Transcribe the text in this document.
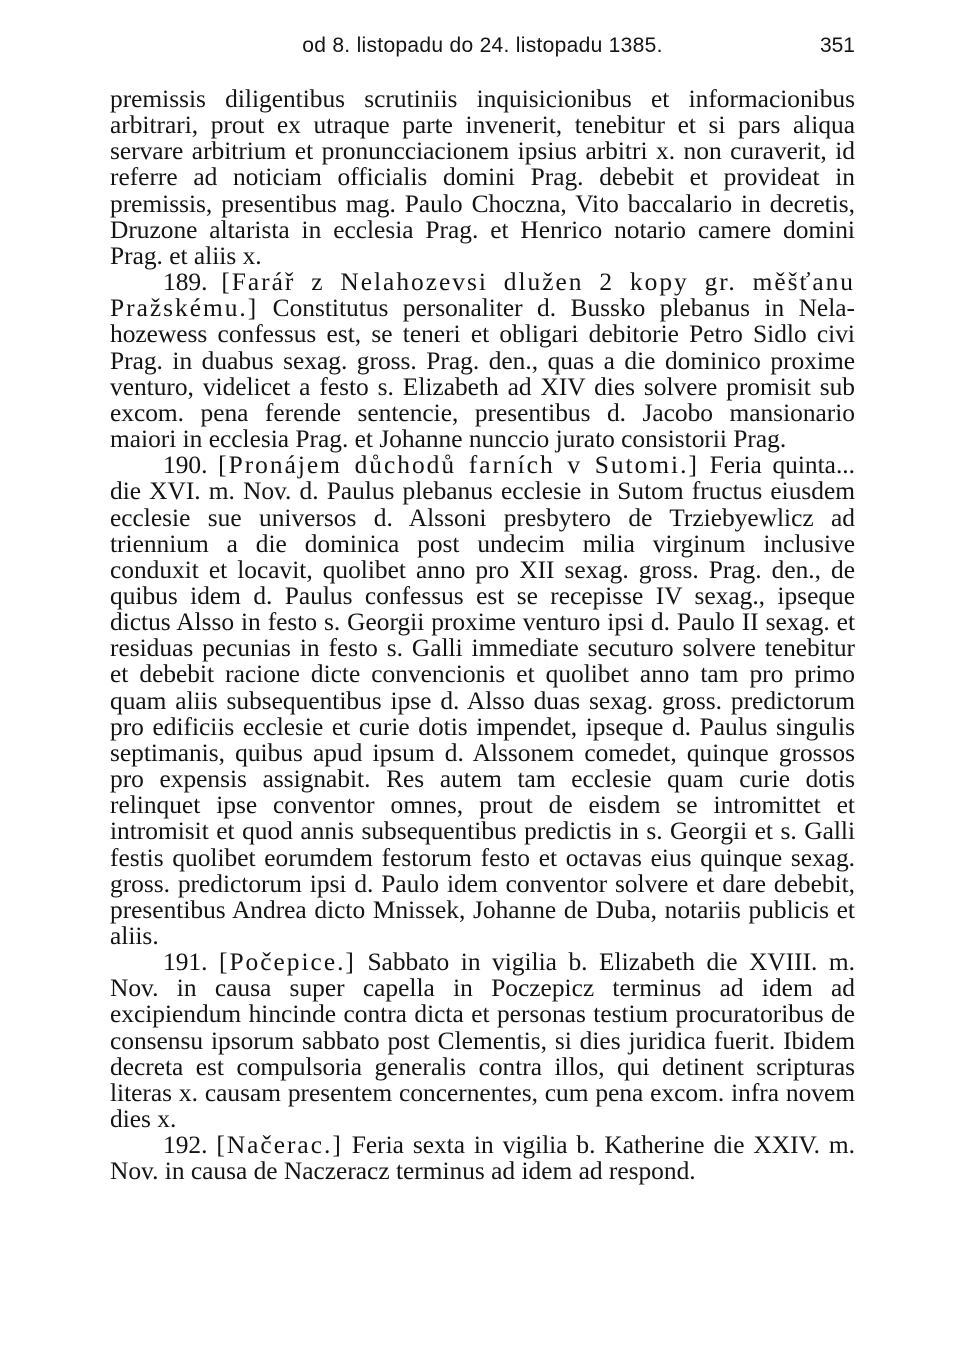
od 8. listopadu do 24. listopadu 1385.	351

premissis diligentibus scrutiniis inquisicionibus et informacionibus arbitrari, prout ex utraque parte invenerit, tenebitur et si pars aliqua servare arbitrium et pronuncciacionem ipsius arbitri x. non curaverit, id referre ad noticiam officialis domini Prag. debebit et provideat in premissis, presentibus mag. Paulo Choczna, Vito baccalario in decretis, Druzone altarista in ecclesia Prag. et Henrico notario camere domini Prag. et aliis x.

189. [Farář z Nelahozevsi dlužen 2 kopy gr. měšťanu Pražskému.] Constitutus personaliter d. Bussko plebanus in Nelahozewess confessus est, se teneri et obligari debitorie Petro Sidlo civi Prag. in duabus sexag. gross. Prag. den., quas a die dominico proxime venturo, videlicet a festo s. Elizabeth ad XIV dies solvere promisit sub excom. pena ferende sentencie, presentibus d. Jacobo mansionario maiori in ecclesia Prag. et Johanne nunccio jurato consistorii Prag.

190. [Pronájem důchodů farních v Sutomi.] Feria quinta... die XVI. m. Nov. d. Paulus plebanus ecclesie in Sutom fructus eiusdem ecclesie sue universos d. Alssoni presbytero de Trziebyewlicz ad triennium a die dominica post undecim milia virginum inclusive conduxit et locavit, quolibet anno pro XII sexag. gross. Prag. den., de quibus idem d. Paulus confessus est se recepisse IV sexag., ipseque dictus Alsso in festo s. Georgii proxime venturo ipsi d. Paulo II sexag. et residuas pecunias in festo s. Galli immediate secuturo solvere tenebitur et debebit racione dicte convencionis et quolibet anno tam pro primo quam aliis subsequentibus ipse d. Alsso duas sexag. gross. predictorum pro edificiis ecclesie et curie dotis impendet, ipseque d. Paulus singulis septimanis, quibus apud ipsum d. Alssonem comedet, quinque grossos pro expensis assignabit. Res autem tam ecclesie quam curie dotis relinquet ipse conventor omnes, prout de eisdem se intromittet et intromisit et quod annis subsequentibus predictis in s. Georgii et s. Galli festis quolibet eorumdem festorum festo et octavas eius quinque sexag. gross. predictorum ipsi d. Paulo idem conventor solvere et dare debebit, presentibus Andrea dicto Mnissek, Johanne de Duba, notariis publicis et aliis.

191. [Počepice.] Sabbato in vigilia b. Elizabeth die XVIII. m. Nov. in causa super capella in Poczepicz terminus ad idem ad excipiendum hincinde contra dicta et personas testium procuratoribus de consensu ipsorum sabbato post Clementis, si dies juridica fuerit. Ibidem decreta est compulsoria generalis contra illos, qui detinent scripturas literas x. causam presentem concernentes, cum pena excom. infra novem dies x.

192. [Načerac.] Feria sexta in vigilia b. Katherine die XXIV. m. Nov. in causa de Naczeracz terminus ad idem ad respond.
